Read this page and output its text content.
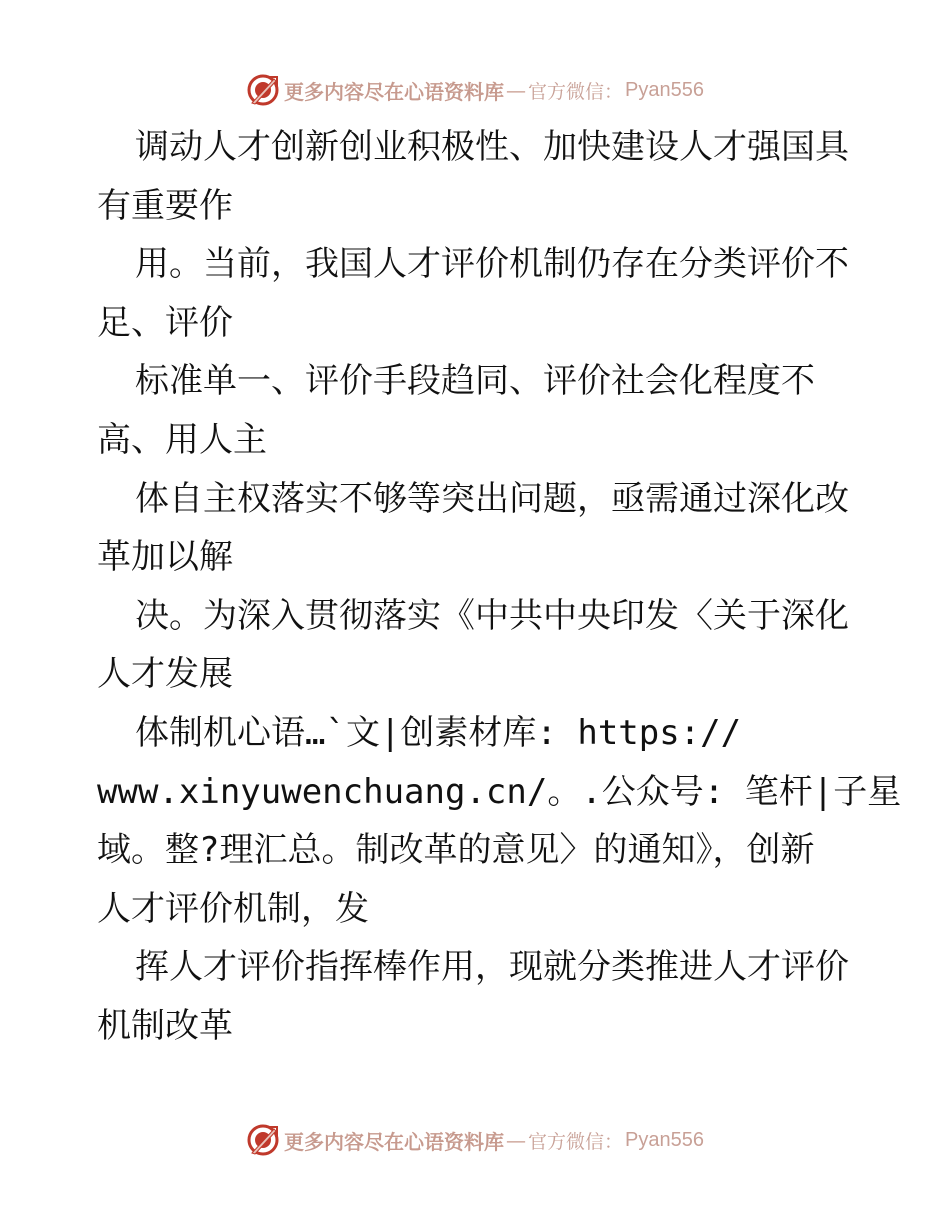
更多内容尽在心语资料库 — 官方微信： Pyan556
调动人才创新创业积极性、加快建设人才强国具
有重要作
用。当前，我国人才评价机制仍存在分类评价不
足、评价
标准单一、评价手段趋同、评价社会化程度不
高、用人主
体自主权落实不够等突出问题，亟需通过深化改
革加以解
决。为深入贯彻落实《中共中央印发〈关于深化
人才发展
体制机心语…`文|创素材库: https://
www.xinyuwenchuang.cn/。.公众号: 笔杆|子星
域。整?理汇总。制改革的意见〉的通知》，创新
人才评价机制，发
挥人才评价指挥棒作用，现就分类推进人才评价
机制改革
更多内容尽在心语资料库 — 官方微信： Pyan556
